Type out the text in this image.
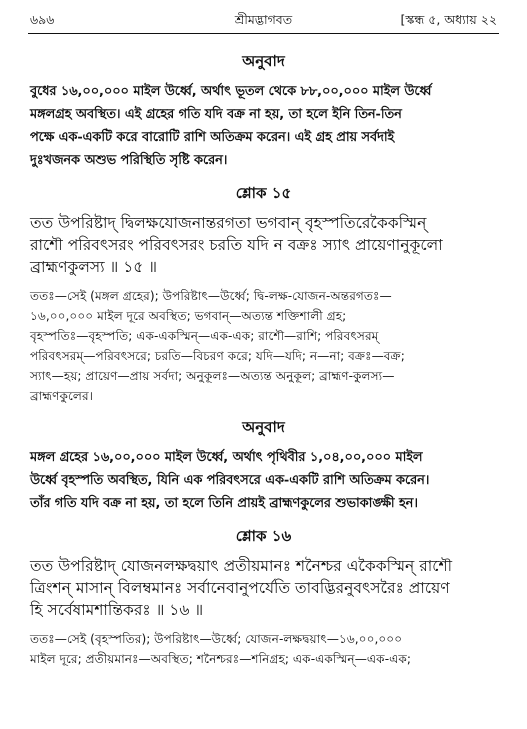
৬৯৬	শ্রীমদ্ভাগবত	[স্কন্ধ ৫, অধ্যায় ২২
অনুবাদ
বুধের ১৬,০০,০০০ মাইল উর্ধ্বে, অর্থাৎ ভূতল থেকে ৮৮,০০,০০০ মাইল উর্ধ্বে
মঙ্গলগ্রহ অবস্থিত। এই গ্রহের গতি যদি বক্র না হয়, তা হলে ইনি তিন-তিন
পক্ষে এক-একটি করে বারোটি রাশি অতিক্রম করেন। এই গ্রহ প্রায় সর্বদাই
দুঃখজনক অশুভ পরিস্থিতি সৃষ্টি করেন।
শ্লোক ১৫
তত উপরিষ্টাদ্ দ্বিলক্ষযোজনান্তরগতা ভগবান্ বৃহস্পতিরেকৈকস্মিন্
রাশৌ পরিবৎসরং পরিবৎসরং চরতি যদি ন বক্রঃ স্যাৎ প্রায়েণানুকূলো
ব্রাহ্মণকুলস্য ॥ ১৫ ॥
ততঃ—সেই (মঙ্গল গ্রহের); উপরিষ্টাৎ—উর্ধ্বে; দ্বি-লক্ষ-যোজন-অন্তরগতঃ—
১৬,০০,০০০ মাইল দূরে অবস্থিত; ভগবান্—অত্যন্ত শক্তিশালী গ্রহ;
বৃহস্পতিঃ—বৃহস্পতি; এক-একস্মিন্—এক-এক; রাশৌ—রাশি; পরিবৎসরম্
পরিবৎসরম্—পরিবৎসরে; চরতি—বিচরণ করে; যদি—যদি; ন—না; বক্রঃ—বক্র;
স্যাৎ—হয়; প্রায়েণ—প্রায় সর্বদা; অনুকূলঃ—অত্যন্ত অনুকূল; ব্রাহ্মণ-কুলস্য—
ব্রাহ্মণকুলের।
অনুবাদ
মঙ্গল গ্রহের ১৬,০০,০০০ মাইল উর্ধ্বে, অর্থাৎ পৃথিবীর ১,০৪,০০,০০০ মাইল
উর্ধ্বে বৃহস্পতি অবস্থিত, যিনি এক পরিবৎসরে এক-একটি রাশি অতিক্রম করেন।
তাঁর গতি যদি বক্র না হয়, তা হলে তিনি প্রায়ই ব্রাহ্মণকুলের শুভাকাঙ্ক্ষী হন।
শ্লোক ১৬
তত উপরিষ্টাদ্ যোজনলক্ষদ্বয়াৎ প্রতীয়মানঃ শনৈশ্চর একৈকস্মিন্ রাশৌ
ত্রিংশন্ মাসান্ বিলম্বমানঃ সর্বানেবানুপর্যেতি তাবদ্ভিরনুবৎসরৈঃ প্রায়েণ
হি সর্বেষামশান্তিকরঃ ॥ ১৬ ॥
ততঃ—সেই (বৃহস্পতির); উপরিষ্টাৎ—উর্ধ্বে; যোজন-লক্ষদ্বয়াৎ—১৬,০০,০০০
মাইল দূরে; প্রতীয়মানঃ—অবস্থিত; শনৈশ্চরঃ—শনিগ্রহ; এক-একস্মিন্—এক-এক;
